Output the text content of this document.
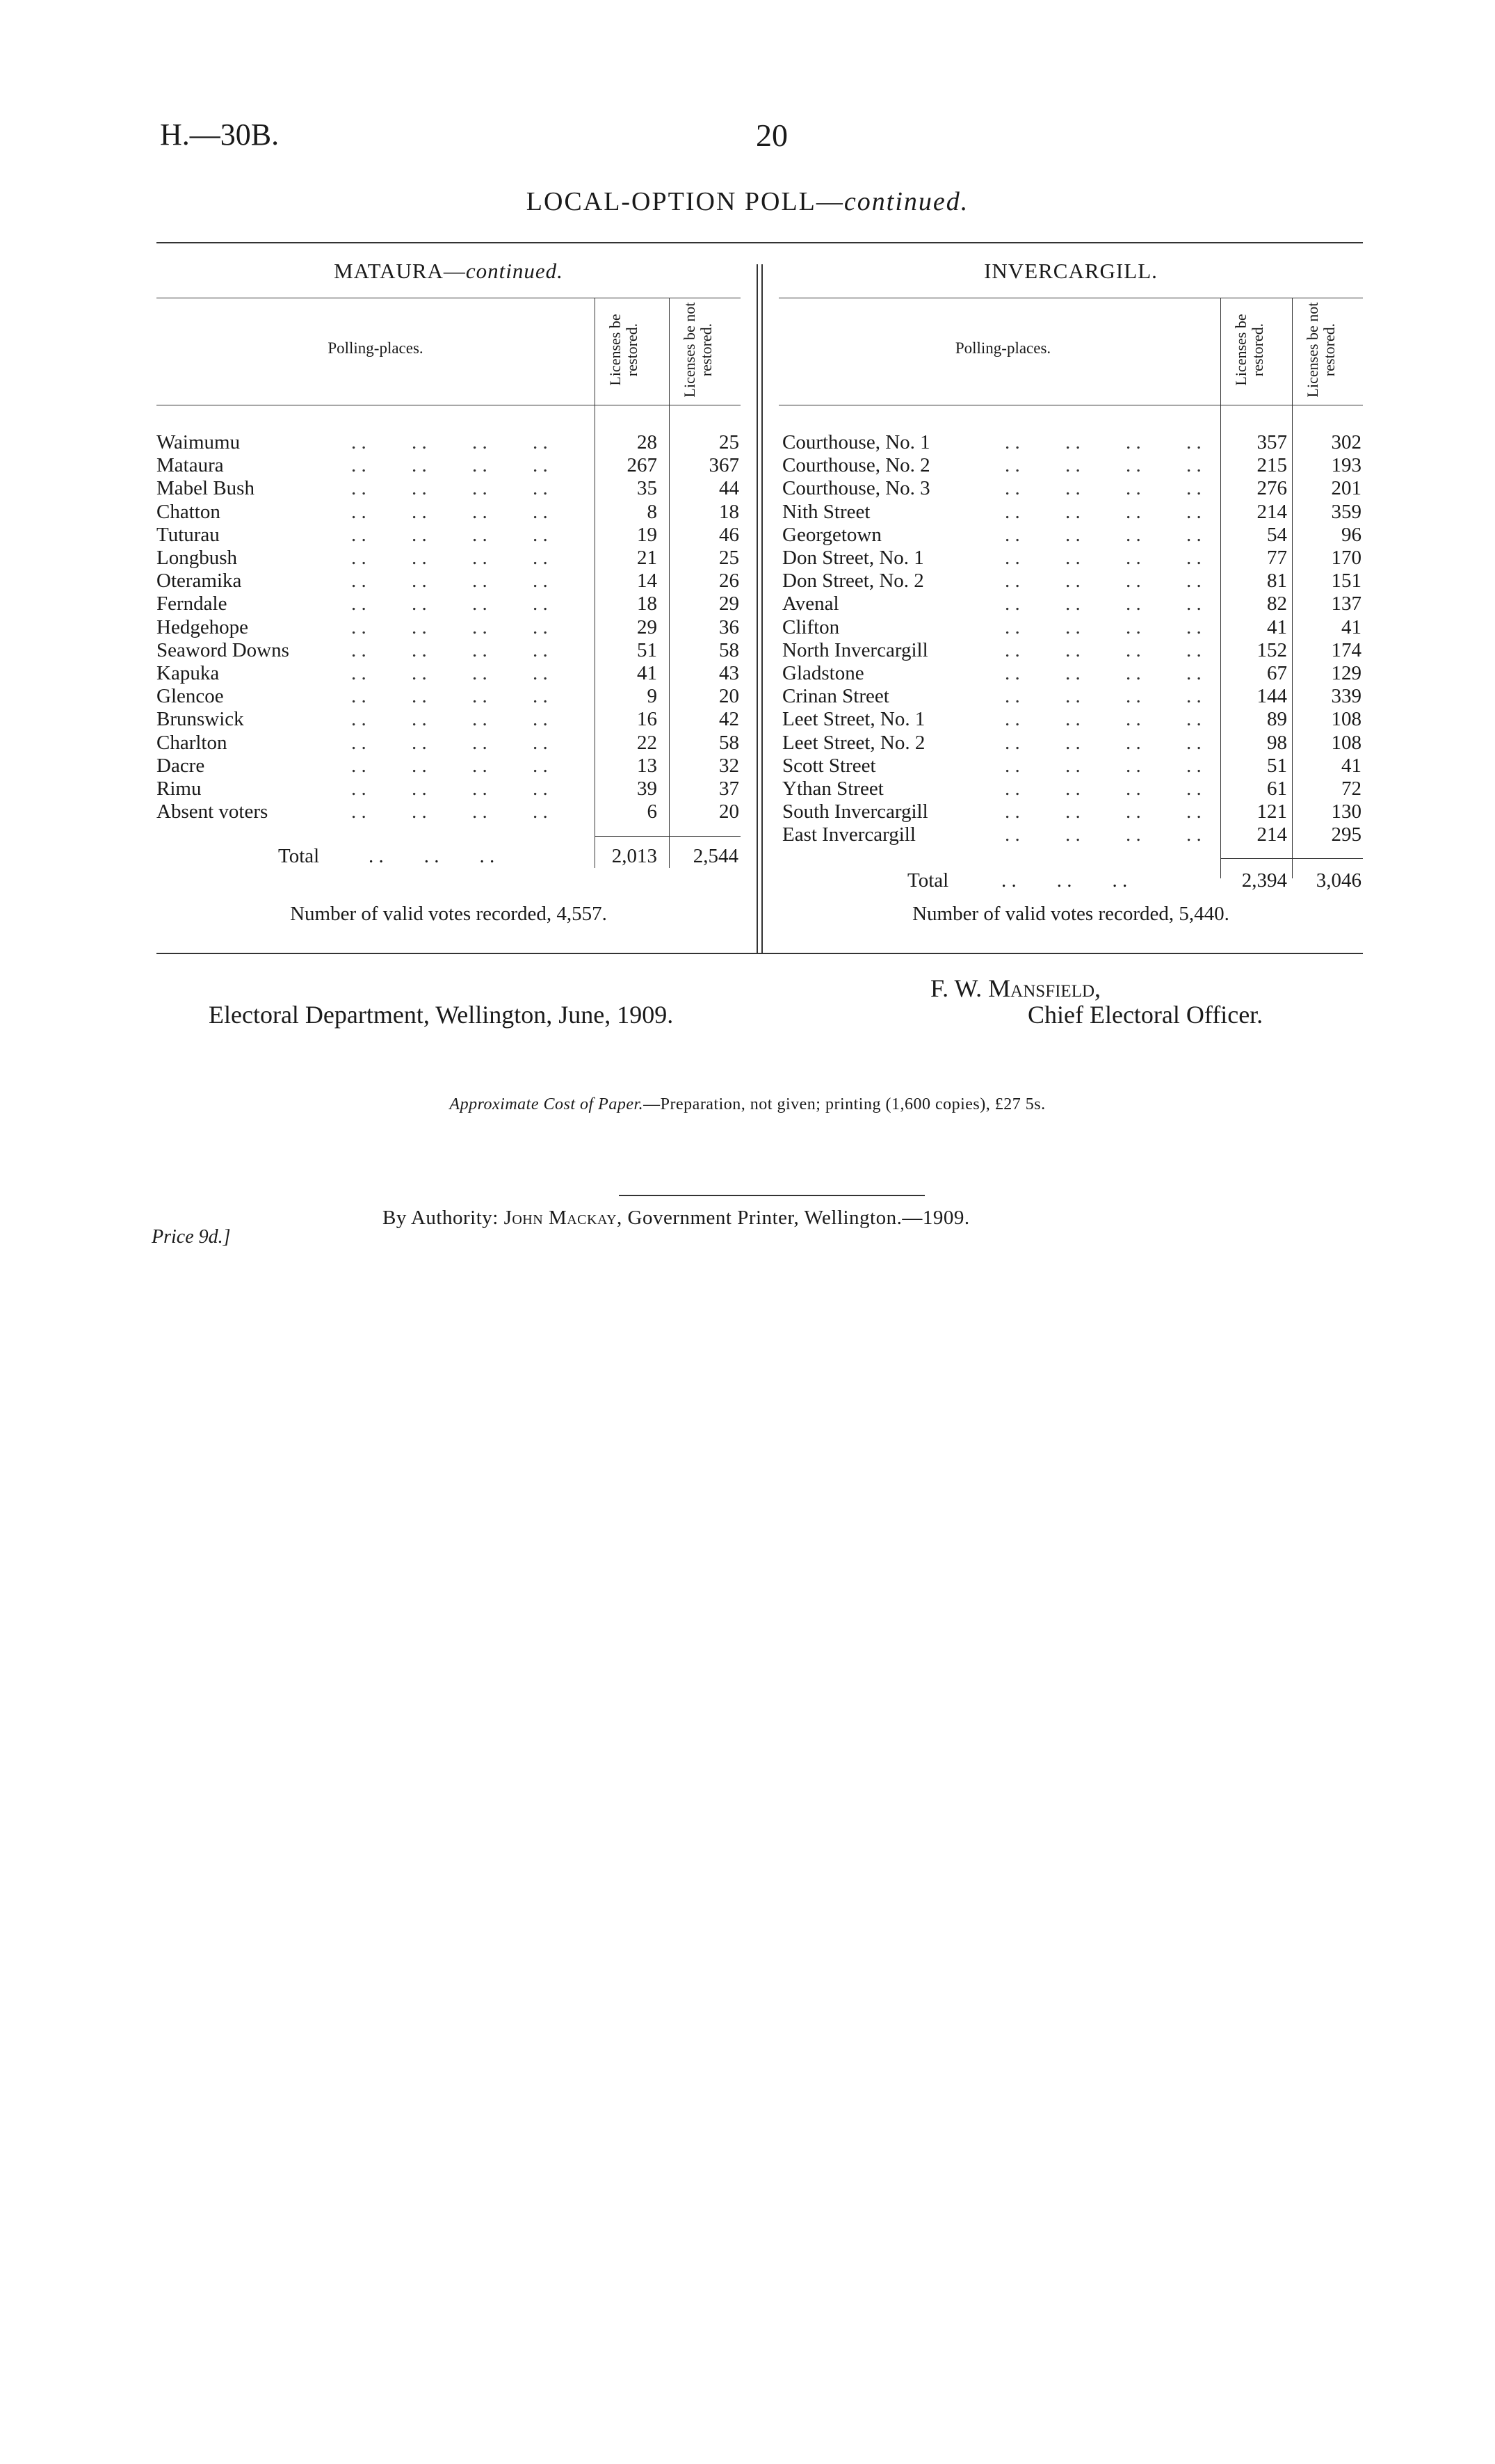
H.—30B.	20
LOCAL-OPTION POLL—continued.
MATAURA—continued.
Polling-places.	Licenses be restored.	Licenses be not restored.
Waimumu	. .         . .         . .         . .	28	25
Mataura	. .         . .         . .         . .	267	367
Mabel Bush	. .         . .         . .         . .	35	44
Chatton	. .         . .         . .         . .	8	18
Tuturau	. .         . .         . .         . .	19	46
Longbush	. .         . .         . .         . .	21	25
Oteramika	. .         . .         . .         . .	14	26
Ferndale	. .         . .         . .         . .	18	29
Hedgehope	. .         . .         . .         . .	29	36
Seaword Downs	. .         . .         . .         . .	51	58
Kapuka	. .         . .         . .         . .	41	43
Glencoe	. .         . .         . .         . .	9	20
Brunswick	. .         . .         . .         . .	16	42
Charlton	. .         . .         . .         . .	22	58
Dacre	. .         . .         . .         . .	13	32
Rimu	. .         . .         . .         . .	39	37
Absent voters	. .         . .         . .         . .	6	20
Total . .        . .        . .	2,013	2,544
Number of valid votes recorded, 4,557.
INVERCARGILL.
Polling-places.	Licenses be restored.	Licenses be not restored.
Courthouse, No. 1	. .         . .         . .         . .	357	302
Courthouse, No. 2	. .         . .         . .         . .	215	193
Courthouse, No. 3	. .         . .         . .         . .	276	201
Nith Street	. .         . .         . .         . .	214	359
Georgetown	. .         . .         . .         . .	54	96
Don Street, No. 1	. .         . .         . .         . .	77	170
Don Street, No. 2	. .         . .         . .         . .	81	151
Avenal	. .         . .         . .         . .	82	137
Clifton	. .         . .         . .         . .	41	41
North Invercargill	. .         . .         . .         . .	152	174
Gladstone	. .         . .         . .         . .	67	129
Crinan Street	. .         . .         . .         . .	144	339
Leet Street, No. 1	. .         . .         . .         . .	89	108
Leet Street, No. 2	. .         . .         . .         . .	98	108
Scott Street	. .         . .         . .         . .	51	41
Ythan Street	. .         . .         . .         . .	61	72
South Invercargill	. .         . .         . .         . .	121	130
East Invercargill	. .         . .         . .         . .	214	295
Total	. .        . .        . .	2,394	3,046
Number of valid votes recorded, 5,440.
Electoral Department, Wellington, June, 1909.
F. W. Mansfield,
Chief Electoral Officer.
Approximate Cost of Paper.—Preparation, not given; printing (1,600 copies), £27 5s.
By Authority: John Mackay, Government Printer, Wellington.—1909.
Price 9d.]
